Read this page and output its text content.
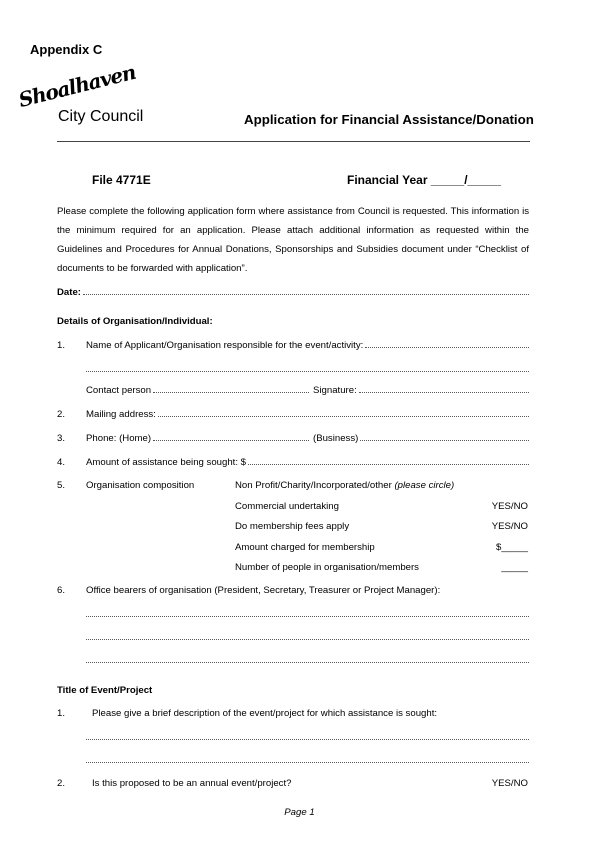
Appendix C
Shoalhaven
City Council	Application for Financial Assistance/Donation
File 4771E	Financial Year _____/_____
Please complete the following application form where assistance from Council is requested. This information is the minimum required for an application. Please attach additional information as requested within the Guidelines and Procedures for Annual Donations, Sponsorships and Subsidies document under “Checklist of documents to be forwarded with application”.
Date:
Details of Organisation/Individual:
1. Name of Applicant/Organisation responsible for the event/activity:
Contact person	Signature:
2. Mailing address:
3. Phone: (Home)	(Business)
4. Amount of assistance being sought: $
5. Organisation composition	Non Profit/Charity/Incorporated/other (please circle)
Commercial undertaking	YES/NO
Do membership fees apply	YES/NO
Amount charged for membership	$_____
Number of people in organisation/members	_____
6. Office bearers of organisation (President, Secretary, Treasurer or Project Manager):
Title of Event/Project
1.	Please give a brief description of the event/project for which assistance is sought:
2.	Is this proposed to be an annual event/project?	YES/NO
Page 1
